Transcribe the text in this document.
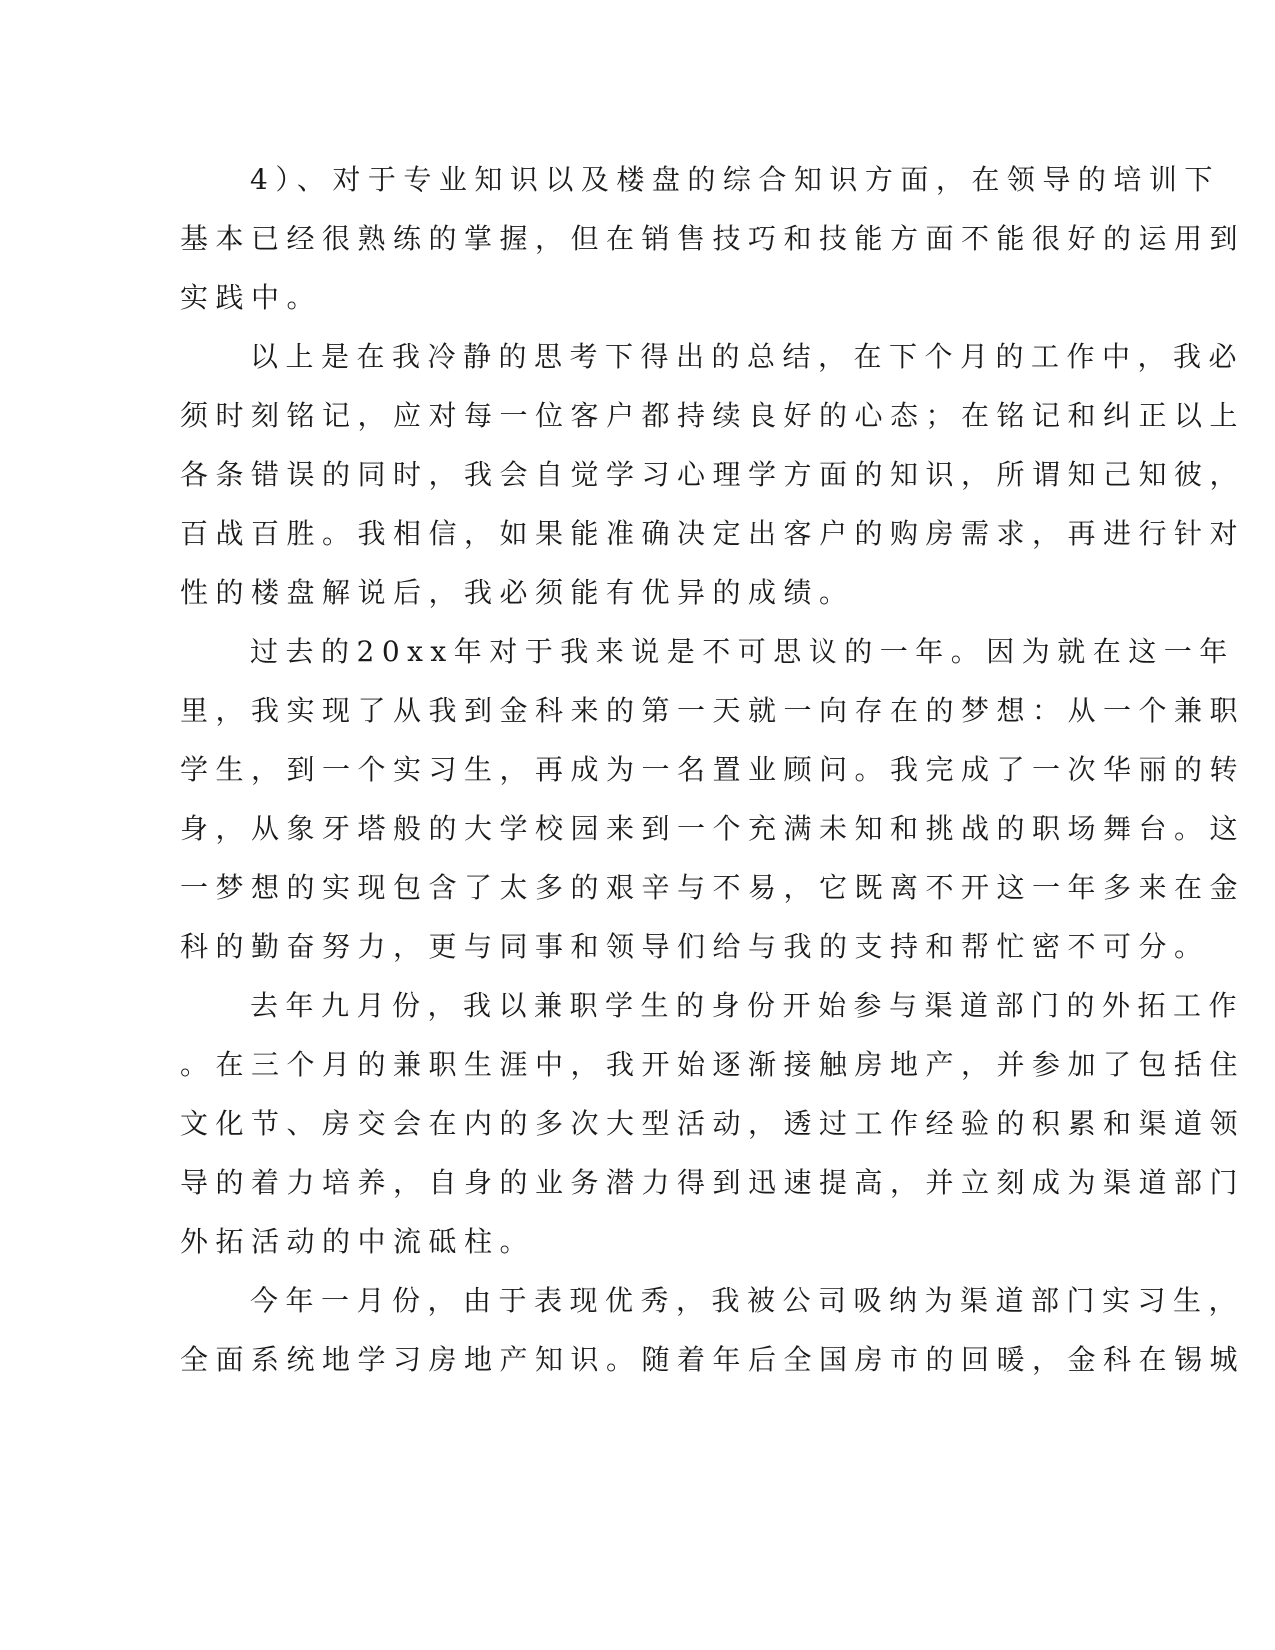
4）、对于专业知识以及楼盘的综合知识方面，在领导的培训下
基本已经很熟练的掌握，但在销售技巧和技能方面不能很好的运用到
实践中。
以上是在我冷静的思考下得出的总结，在下个月的工作中，我必
须时刻铭记，应对每一位客户都持续良好的心态；在铭记和纠正以上
各条错误的同时，我会自觉学习心理学方面的知识，所谓知己知彼，
百战百胜。我相信，如果能准确决定出客户的购房需求，再进行针对
性的楼盘解说后，我必须能有优异的成绩。
过去的20xx年对于我来说是不可思议的一年。因为就在这一年
里，我实现了从我到金科来的第一天就一向存在的梦想：从一个兼职
学生，到一个实习生，再成为一名置业顾问。我完成了一次华丽的转
身，从象牙塔般的大学校园来到一个充满未知和挑战的职场舞台。这
一梦想的实现包含了太多的艰辛与不易，它既离不开这一年多来在金
科的勤奋努力，更与同事和领导们给与我的支持和帮忙密不可分。
去年九月份，我以兼职学生的身份开始参与渠道部门的外拓工作
。在三个月的兼职生涯中，我开始逐渐接触房地产，并参加了包括住
文化节、房交会在内的多次大型活动，透过工作经验的积累和渠道领
导的着力培养，自身的业务潜力得到迅速提高，并立刻成为渠道部门
外拓活动的中流砥柱。
今年一月份，由于表现优秀，我被公司吸纳为渠道部门实习生，
全面系统地学习房地产知识。随着年后全国房市的回暖，金科在锡城
